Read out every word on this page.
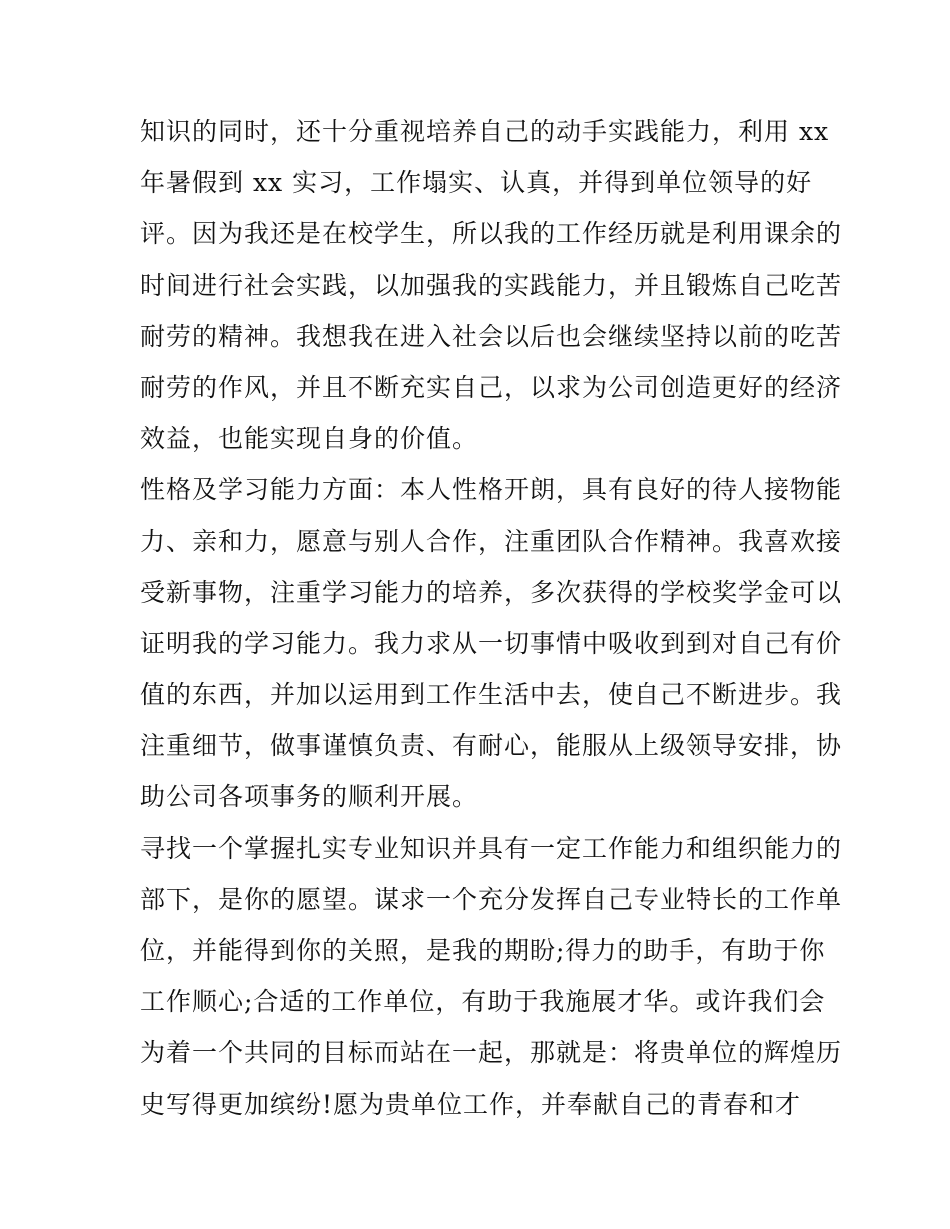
知识的同时，还十分重视培养自己的动手实践能力，利用 xx
年暑假到 xx 实习，工作塌实、认真，并得到单位领导的好
评。因为我还是在校学生，所以我的工作经历就是利用课余的
时间进行社会实践，以加强我的实践能力，并且锻炼自己吃苦
耐劳的精神。我想我在进入社会以后也会继续坚持以前的吃苦
耐劳的作风，并且不断充实自己，以求为公司创造更好的经济
效益，也能实现自身的价值。
性格及学习能力方面：本人性格开朗，具有良好的待人接物能
力、亲和力，愿意与别人合作，注重团队合作精神。我喜欢接
受新事物，注重学习能力的培养，多次获得的学校奖学金可以
证明我的学习能力。我力求从一切事情中吸收到到对自己有价
值的东西，并加以运用到工作生活中去，使自己不断进步。我
注重细节，做事谨慎负责、有耐心，能服从上级领导安排，协
助公司各项事务的顺利开展。
寻找一个掌握扎实专业知识并具有一定工作能力和组织能力的
部下，是你的愿望。谋求一个充分发挥自己专业特长的工作单
位，并能得到你的关照，是我的期盼;得力的助手，有助于你
工作顺心;合适的工作单位，有助于我施展才华。或许我们会
为着一个共同的目标而站在一起，那就是：将贵单位的辉煌历
史写得更加缤纷!愿为贵单位工作，并奉献自己的青春和才
